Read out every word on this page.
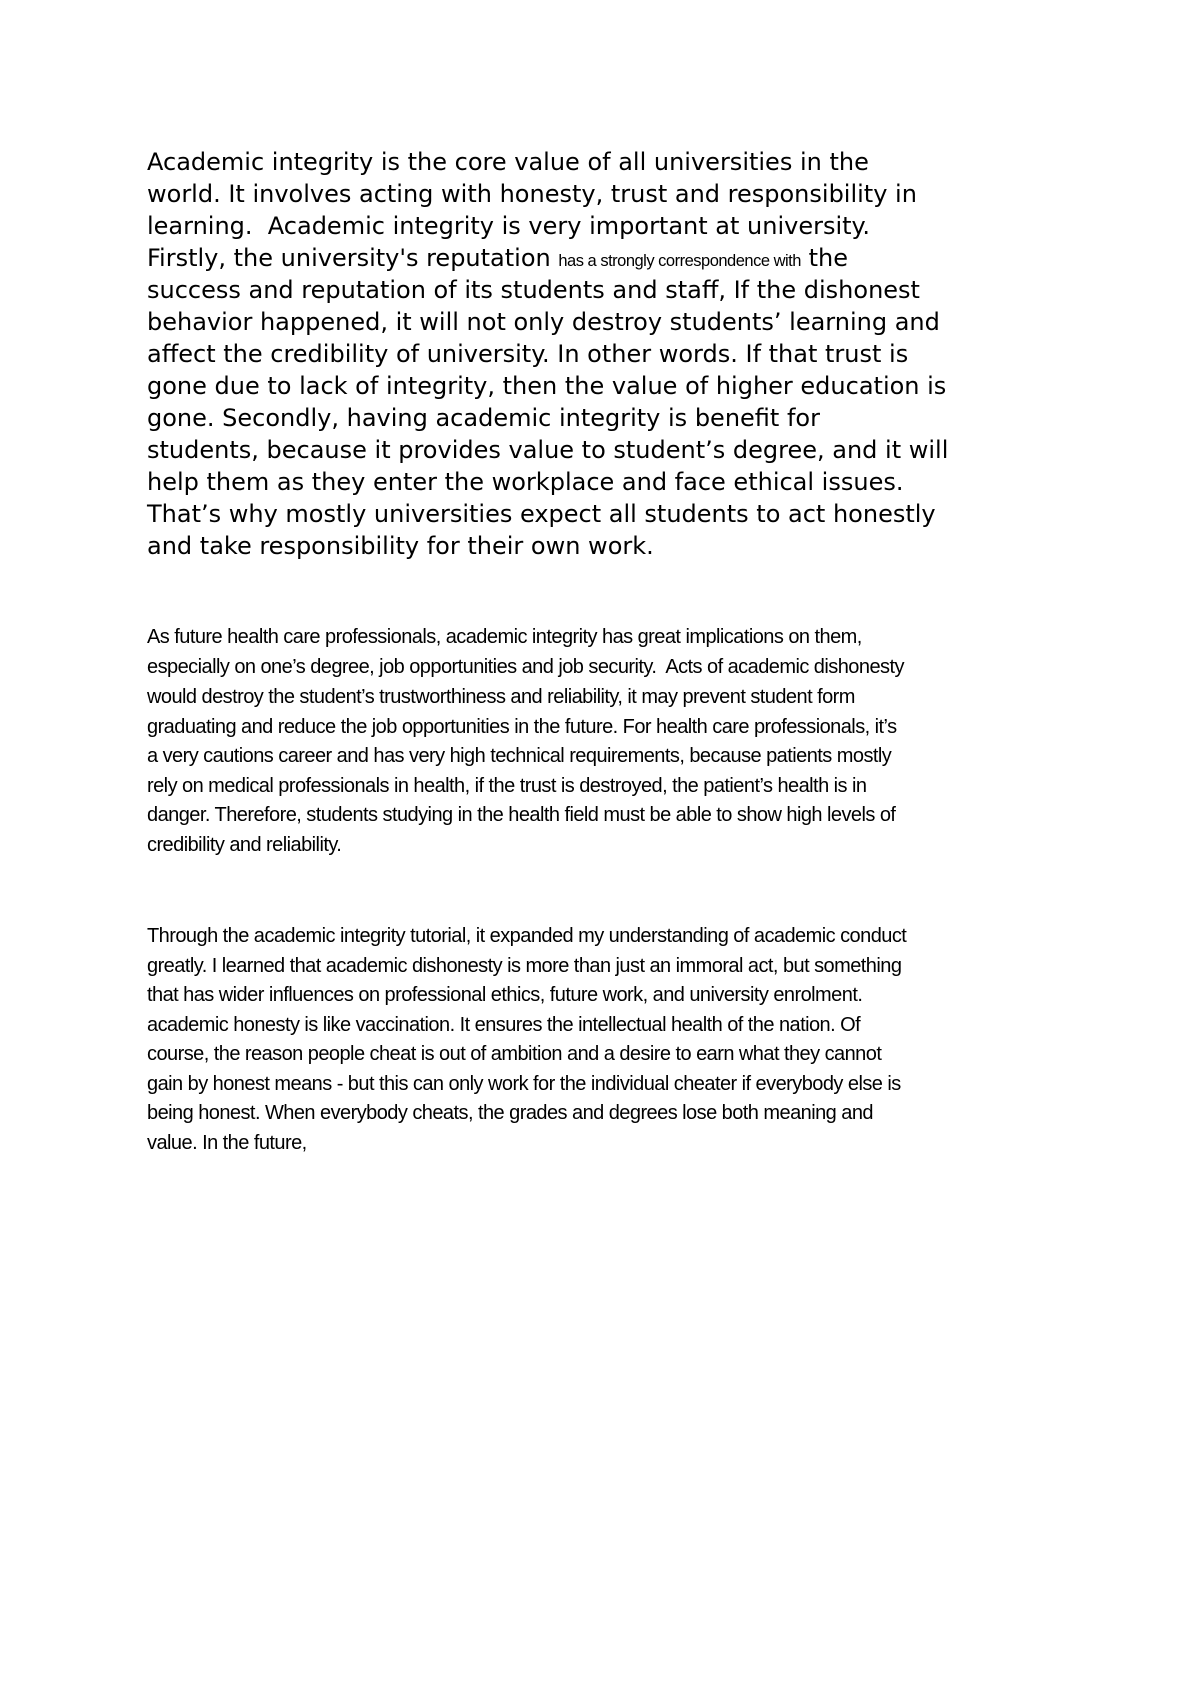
Academic integrity is the core value of all universities in the

world. It involves acting with honesty, trust and responsibility in

learning.  Academic integrity is very important at university.

Firstly, the university's reputation has a strongly correspondence with the

success and reputation of its students and staff, If the dishonest

behavior happened, it will not only destroy students’ learning and

affect the credibility of university. In other words. If that trust is

gone due to lack of integrity, then the value of higher education is

gone. Secondly, having academic integrity is benefit for

students, because it provides value to student’s degree, and it will

help them as they enter the workplace and face ethical issues.

That’s why mostly universities expect all students to act honestly

and take responsibility for their own work.

As future health care professionals, academic integrity has great implications on them,

especially on one’s degree, job opportunities and job security.  Acts of academic dishonesty

would destroy the student’s trustworthiness and reliability, it may prevent student form

graduating and reduce the job opportunities in the future. For health care professionals, it’s

a very cautions career and has very high technical requirements, because patients mostly

rely on medical professionals in health, if the trust is destroyed, the patient’s health is in

danger. Therefore, students studying in the health field must be able to show high levels of

credibility and reliability.

Through the academic integrity tutorial, it expanded my understanding of academic conduct

greatly. I learned that academic dishonesty is more than just an immoral act, but something

that has wider influences on professional ethics, future work, and university enrolment.

academic honesty is like vaccination. It ensures the intellectual health of the nation. Of

course, the reason people cheat is out of ambition and a desire to earn what they cannot

gain by honest means - but this can only work for the individual cheater if everybody else is

being honest. When everybody cheats, the grades and degrees lose both meaning and

value. In the future,
